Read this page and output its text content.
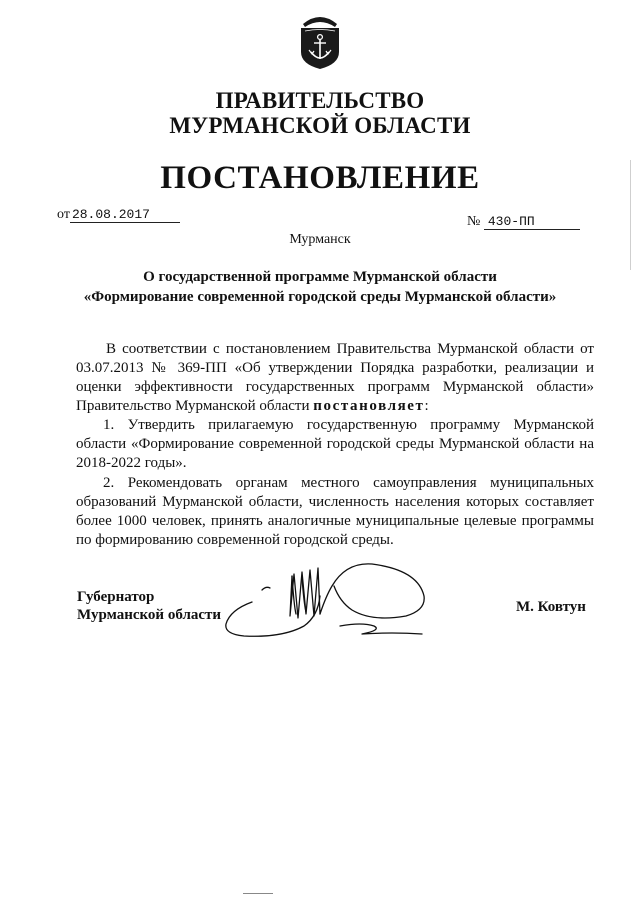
ПРАВИТЕЛЬСТВО
МУРМАНСКОЙ ОБЛАСТИ
ПОСТАНОВЛЕНИЕ
от 28.08.2017	№ 430-ПП
Мурманск
О государственной программе Мурманской области
«Формирование современной городской среды Мурманской области»
В соответствии с постановлением Правительства Мурманской области от
03.07.2013 № 369-ПП «Об утверждении Порядка разработки, реализации и
оценки эффективности государственных программ Мурманской области»
Правительство Мурманской области постановляет:
1. Утвердить прилагаемую государственную программу Мурманской
области «Формирование современной городской среды Мурманской области на
2018-2022 годы».
2. Рекомендовать органам местного самоуправления муниципальных
образований Мурманской области, численность населения которых составляет
более 1000 человек, принять аналогичные муниципальные целевые программы
по формированию современной городской среды.
Губернатор
Мурманской области	М. Ковтун
